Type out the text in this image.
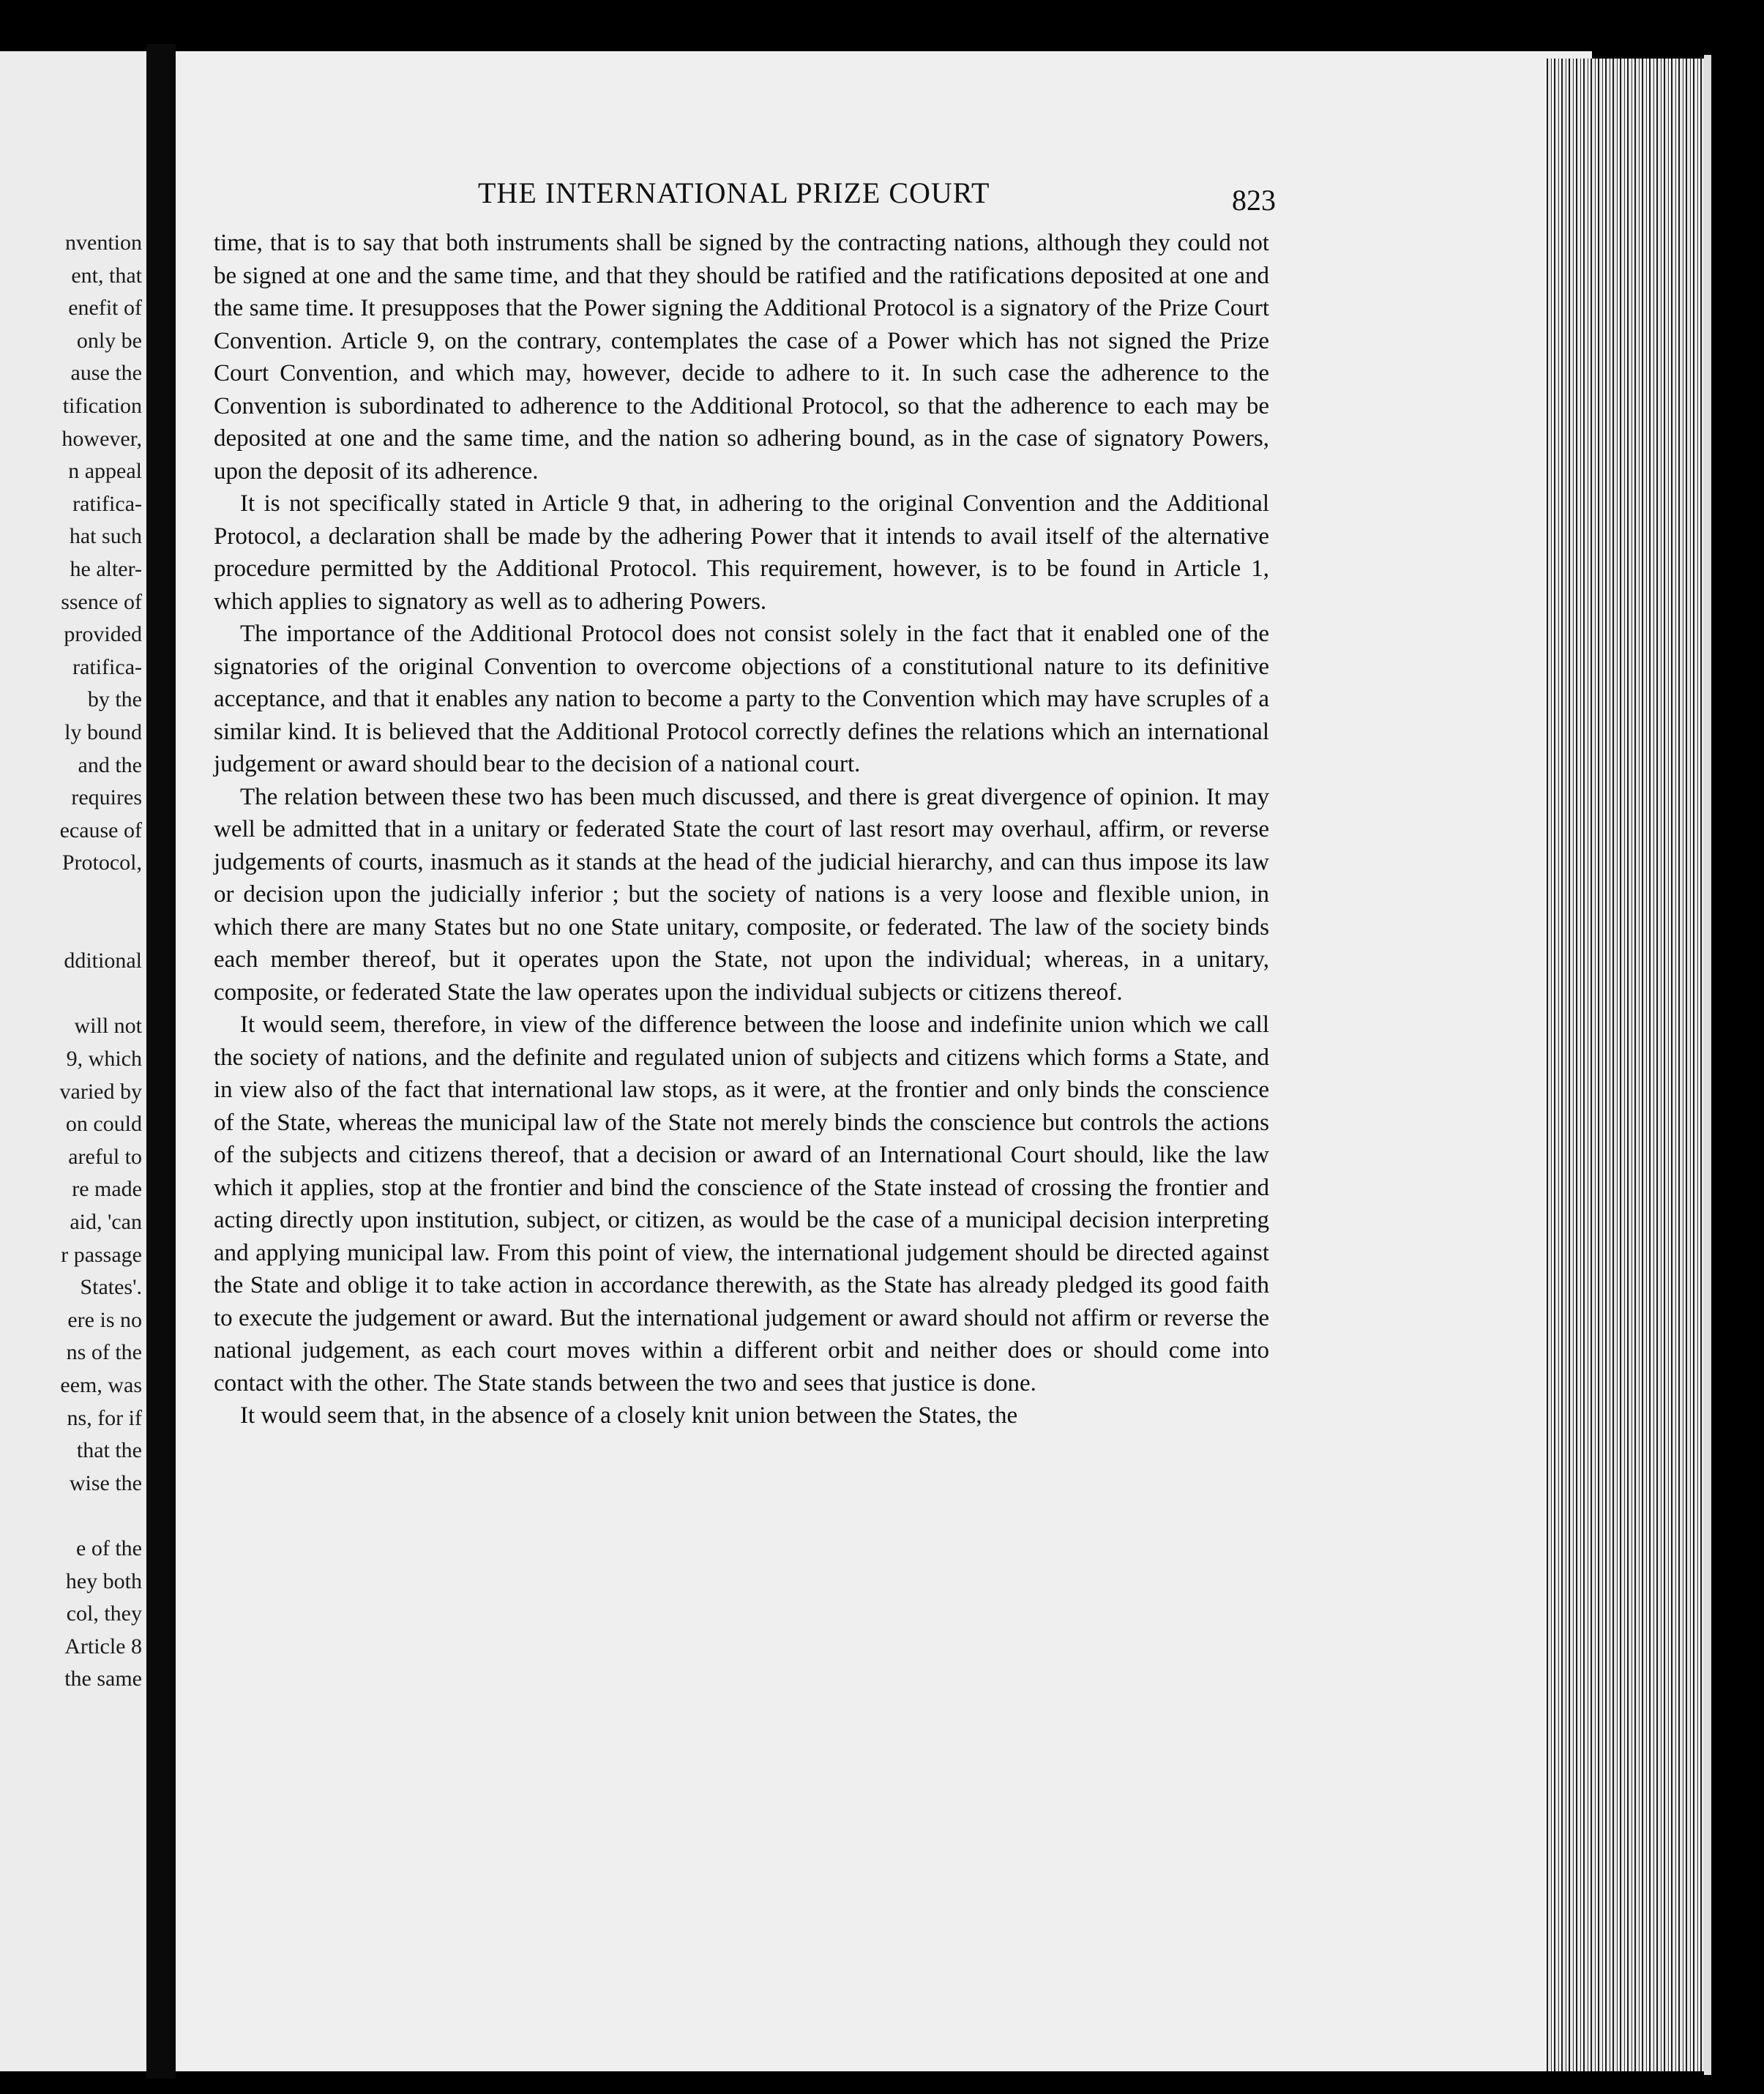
nvention
ent, that
enefit of
only be
ause the
tification
however,
n appeal
ratifica-
hat such
he alter-
ssence of
provided
ratifica-
by the
ly bound
and the
requires
ecause of
Protocol,
dditional
will not
9, which
varied by
on could
areful to
re made
aid, 'can
r passage
States'.
ere is no
ns of the
eem, was
ns, for if
that the
wise the
e of the
hey both
col, they
Article 8
the same
THE INTERNATIONAL PRIZE COURT	823

time, that is to say that both instruments shall be signed by the contracting nations, although they could not be signed at one and the same time, and that they should be ratified and the ratifications deposited at one and the same time. It presupposes that the Power signing the Additional Protocol is a signatory of the Prize Court Convention. Article 9, on the contrary, contemplates the case of a Power which has not signed the Prize Court Convention, and which may, however, decide to adhere to it. In such case the adherence to the Convention is subordinated to adherence to the Additional Protocol, so that the adherence to each may be deposited at one and the same time, and the nation so adhering bound, as in the case of signatory Powers, upon the deposit of its adherence.

It is not specifically stated in Article 9 that, in adhering to the original Convention and the Additional Protocol, a declaration shall be made by the adhering Power that it intends to avail itself of the alternative procedure permitted by the Additional Protocol. This requirement, however, is to be found in Article 1, which applies to signatory as well as to adhering Powers.

The importance of the Additional Protocol does not consist solely in the fact that it enabled one of the signatories of the original Convention to overcome objections of a constitutional nature to its definitive acceptance, and that it enables any nation to become a party to the Convention which may have scruples of a similar kind. It is believed that the Additional Protocol correctly defines the relations which an international judgement or award should bear to the decision of a national court.

The relation between these two has been much discussed, and there is great divergence of opinion. It may well be admitted that in a unitary or federated State the court of last resort may overhaul, affirm, or reverse judgements of courts, inasmuch as it stands at the head of the judicial hierarchy, and can thus impose its law or decision upon the judicially inferior ; but the society of nations is a very loose and flexible union, in which there are many States but no one State unitary, composite, or federated. The law of the society binds each member thereof, but it operates upon the State, not upon the individual; whereas, in a unitary, composite, or federated State the law operates upon the individual subjects or citizens thereof.

It would seem, therefore, in view of the difference between the loose and indefinite union which we call the society of nations, and the definite and regulated union of subjects and citizens which forms a State, and in view also of the fact that international law stops, as it were, at the frontier and only binds the conscience of the State, whereas the municipal law of the State not merely binds the conscience but controls the actions of the subjects and citizens thereof, that a decision or award of an International Court should, like the law which it applies, stop at the frontier and bind the conscience of the State instead of crossing the frontier and acting directly upon institution, subject, or citizen, as would be the case of a municipal decision interpreting and applying municipal law. From this point of view, the international judgement should be directed against the State and oblige it to take action in accordance therewith, as the State has already pledged its good faith to execute the judgement or award. But the international judgement or award should not affirm or reverse the national judgement, as each court moves within a different orbit and neither does or should come into contact with the other. The State stands between the two and sees that justice is done.

It would seem that, in the absence of a closely knit union between the States, the
